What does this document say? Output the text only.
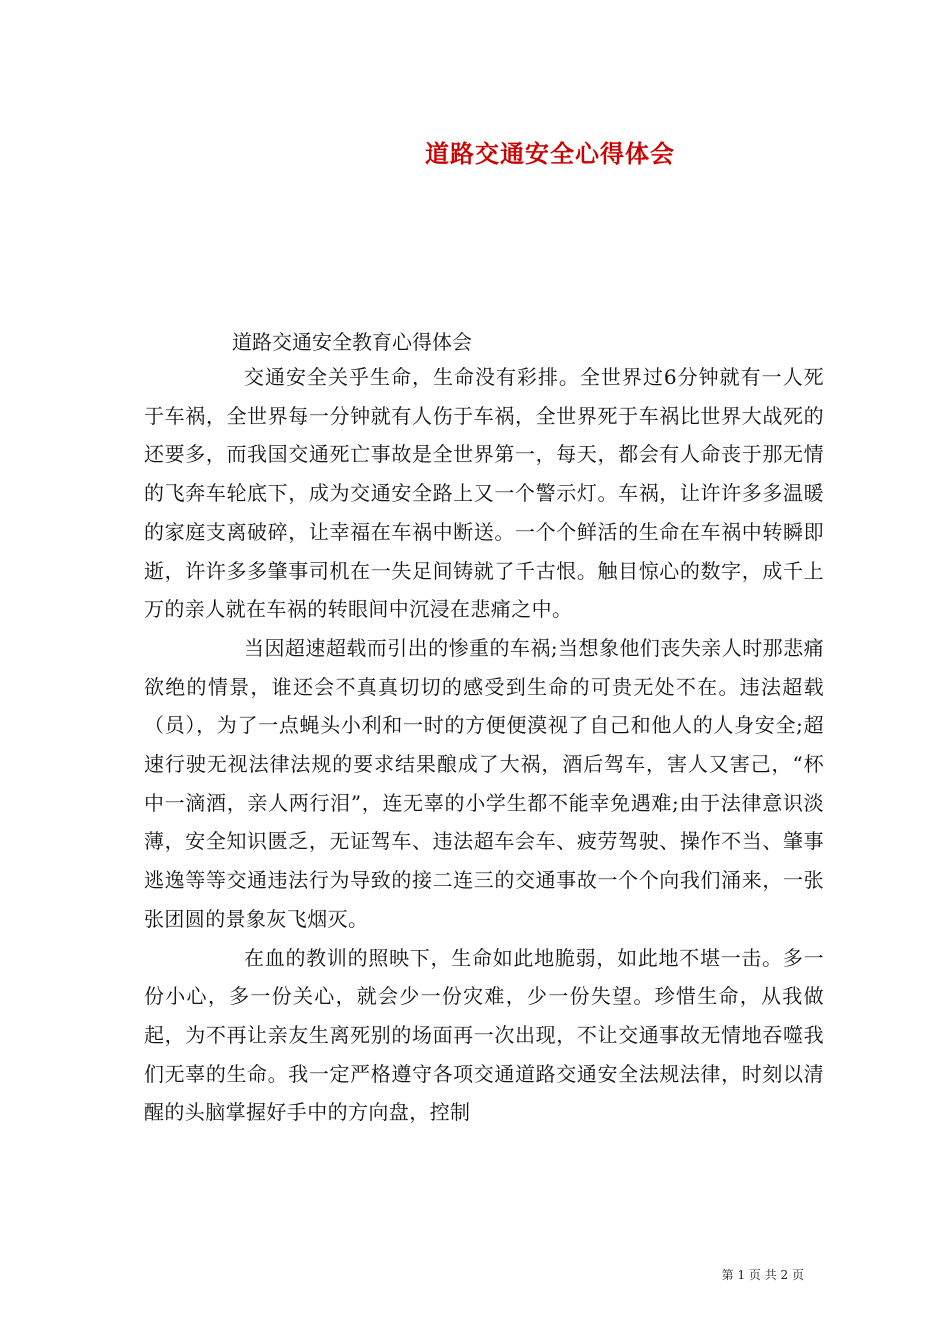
道路交通安全心得体会
道路交通安全教育心得体会

交通安全关乎生命，生命没有彩排。全世界过6分钟就有一人死于车祸，全世界每一分钟就有人伤于车祸，全世界死于车祸比世界大战死的还要多，而我国交通死亡事故是全世界第一，每天，都会有人命丧于那无情的飞奔车轮底下，成为交通安全路上又一个警示灯。车祸，让许许多多温暖的家庭支离破碎，让幸福在车祸中断送。一个个鲜活的生命在车祸中转瞬即逝，许许多多肇事司机在一失足间铸就了千古恨。触目惊心的数字，成千上万的亲人就在车祸的转眼间中沉浸在悲痛之中。

当因超速超载而引出的惨重的车祸;当想象他们丧失亲人时那悲痛欲绝的情景，谁还会不真真切切的感受到生命的可贵无处不在。违法超载（员），为了一点蝇头小利和一时的方便便漠视了自己和他人的人身安全;超速行驶无视法律法规的要求结果酿成了大祸，酒后驾车，害人又害己，“杯中一滴酒，亲人两行泪”，连无辜的小学生都不能幸免遇难;由于法律意识淡薄，安全知识匮乏，无证驾车、违法超车会车、疲劳驾驶、操作不当、肇事逃逸等等交通违法行为导致的接二连三的交通事故一个个向我们涌来，一张张团圆的景象灰飞烟灭。

在血的教训的照映下，生命如此地脆弱，如此地不堪一击。多一份小心，多一份关心，就会少一份灾难，少一份失望。珍惜生命，从我做起，为不再让亲友生离死别的场面再一次出现，不让交通事故无情地吞噬我们无辜的生命。我一定严格遵守各项交通道路交通安全法规法律，时刻以清醒的头脑掌握好手中的方向盘，控制

第 1 页 共 2 页
